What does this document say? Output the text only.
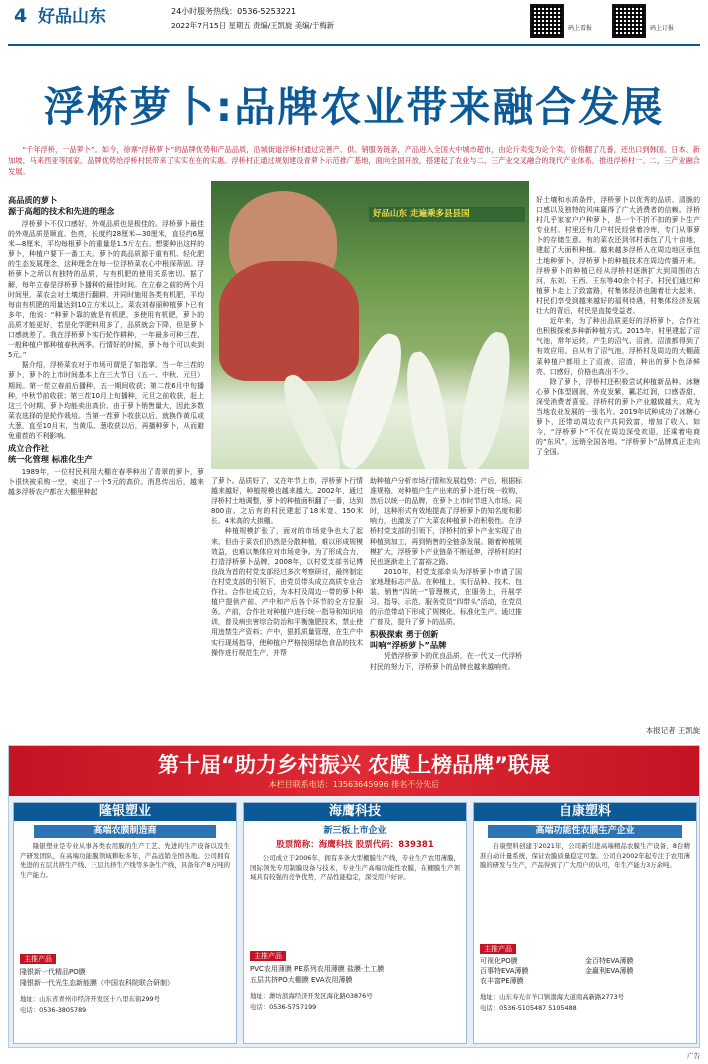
4 好品山东	24小时服务热线：0536-5253221
2022年7月15日 星期五 责编/王凯旋 美编/于梅新	码上看报	码上订报
浮桥萝卜:品牌农业带来融合发展
“千年浮桥，一品萝卜”。如今，徐寨“浮桥萝卜”的品牌优势和产品品质，沿城街道浮桥村通过完善产、供、销服务链条，产品进入全国大中城市超市，由论斤卖变为论个卖，价格翻了几番，还出口到韩国、日本、新加坡、马来西亚等国家。品牌优势给浮桥村民带来了实实在在的实惠。浮桥村正通过规划建设青萝卜示范推广基地，面向全国开放，搭建起了农业与二、三产业交叉融合的现代产业体系，推进浮桥村一、二、三产业融合发展。
好品山东 走遍乘多县县国
高品质的萝卜
源于高超的技术和先进的理念

浮桥萝卜不仅口感好，外观品质也是极佳的。浮桥萝卜最佳的外观品质是顺直、色亮，长度约28厘米—30厘米，直径约6厘米—8厘米，平均每根萝卜的重量是1.5斤左右。想要种出这样的萝卜，种植户要下一番工夫。萝卜的高品质源于重有机、轻化肥的生态发展理念，这种理念在每一位浮桥菜农心中根深蒂固。浮桥萝卜之所以有独特的品质，与有机肥的使用关系密切。据了解，每年立春是浮桥萝卜播种的最佳时间。在立春之前的两个月时间里，菜农会对土壤进行翻耕，并同时施用各类有机肥，平均每亩有机肥的用量达到10立方米以上。菜农刘春丽种植萝卜已有多年，他说：“种萝卜靠的就是有机肥，多使用有机肥，萝卜的品质才能更好，若是化学肥料用多了，品质就会下降，但是萝卜口感就差了。我在浮桥萝卜实行轮作耕种，一年最多可种三茬，一般种植户都种植春秋两季。行情好的时候，萝卜每个可以卖到5元。”

据介绍，浮桥菜农对于市场可谓是了如指掌。当一年三茬的萝卜，萝卜的上市时间基本上在三大节日（五一、中秋、元旦）期间。第一茬立春前后播种，五一期间收获；第二茬6月中旬播种，中秋节前收获；第三茬10月上旬播种，元旦之前收获，赶上这三个时期，萝卜均能卖出高价。由于萝卜销售量大，因此多数菜农选择的是轮作栽培。当第一茬萝卜收获以后，就换作黄瓜或大葱，直至10月末，当黄瓜、葱收获以后，再播种萝卜，从而避免重茬的不利影响。

成立合作社
统一化管理 标准化生产

1989年，一位村民利用大棚在春季种出了青翠的萝卜，萝卜很快被采购一空，卖出了一个5元的高价。消息传出后，越来越多浮桥农户都在大棚里种起

了萝卜。品质好了，又在年节上市，浮桥萝卜行情越来越好，种植规模也越来越大。2002年，通过浮桥村土地调整，萝卜的种植面积翻了一番，达到800亩。之后有的村民建起了18米宽、150米长、4米高的大拱棚。

种植规模扩张了，面对的市场竞争也大了起来。但由于菜农们仍然是分散种植，难以形成规模效益，也难以集体应对市场竞争。为了形成合力，打造浮桥萝卜品牌，2008年，以村党支部书记傅良战为首的村党支部经过多次考察研讨，最终制定在村党支部的引领下，由党员带头成立高质专业合作社。合作社成立后，为本村及周边一带的萝卜种植户提供产前、产中和产后各个环节的全方位服务。产前，合作社对种植户进行统一指导和知识培训，普及病虫害综合防治和平衡施肥技术，禁止使用违禁生产资料；产中，狠抓质量管理，在生产中实行现场指导，使种植户严格按照绿色食品的技术操作进行规范生产，并帮

助种植户分析市场行情和发展趋势；产后，根据标准规格，对种植户生产出来的萝卜进行统一收购，然后以统一的品牌，在萝卜上市时节进入市场。同时，这种形式有效地提高了浮桥萝卜的知名度和影响力，也激发了广大菜农种植萝卜的积极性。在浮桥村党支部的引领下，浮桥村的萝卜产业实现了由种植到加工，再到销售的全链条发展。随着种植规模扩大，浮桥萝卜产业链条不断延伸，浮桥村的村民也逐渐走上了富裕之路。

2010年，村党支部牵头为浮桥萝卜申请了国家地理标志产品。在种植上，实行品种、技术、包装、销售“四统一”管理模式，在服务上，开展学习、指导、示范、服务党员“四带头”活动，在党员的示范带动下形成了规模化、标准化生产。通过推广普及，提升了萝卜的品质。

积极探索 勇于创新
叫响“浮桥萝卜”品牌

凭借浮桥萝卜的优良品质，在一代又一代浮桥村民的努力下，浮桥萝卜的品牌也越来越响亮。

好土壤和水质条件，浮桥萝卜以优秀的品质、清脆的口感以及独特的风味赢得了广大消费者的信赖。浮桥村几乎家家户户种萝卜，是一个不折不扣的萝卜生产专业村。村里还有几户村民经营着冷库，专门从事萝卜的存储生意。有的菜农还到邻村承包了几十亩地，建起了大面积种植。越来越多浮桥人在周边地区承包土地种萝卜，浮桥萝卜的种植技术在周边传播开来。浮桥萝卜的种植已经从浮桥村逐渐扩大到周围的古河、东刘、王西、王东等40余个村子。村民们通过种植萝卜走上了致富路，村集体经济也随着壮大起来，村民们享受到越来越好的福利待遇，村集体经济发展壮大的背后，村民是直接受益者。

近年来，为了种出品质更好的浮桥萝卜，合作社也积极探索多种新种植方式。2015年，村里建起了沼气池，常年运转，产生的沼气、沼液、沼渣都得到了有效应用。自从有了沼气池，浮桥村及周边的大棚蔬菜种植户都用上了沼液、沼渣，种出的萝卜色泽鲜亮、口感好，价格也高出不少。

除了萝卜，浮桥村还积极尝试种植新品种。冰糖心萝卜体型圆润，外皮发紫，瓤芯红润，口感香甜，深受消费者喜爱。浮桥村的萝卜产业越做越大，成为当地农业发展的一张名片。2019年试种成功了冰糖心萝卜，还带动周边农户共同致富，增加了收入。如今，“浮桥萝卜”不仅在周边深受欢迎，还乘着电商的“东风”，远销全国各地。“浮桥萝卜”品牌真正走向了全国。

本报记者 王凯旋
第十届“助力乡村振兴 农膜上榜品牌”联展
本栏目联系电话：13563645996 排名不分先后
隆银塑业
高端农膜制造商
隆银塑业是专业从事各类农用膜的生产工艺、先进的生产设备以及生产研发团队，在高端功能膜领域耕耘多年，产品远销全国各地。公司拥有先进的五层共挤生产线、三层共挤生产线等多条生产线，具备年产8万吨的生产能力。
主推产品
隆银新一代精品PO膜
隆银新一代光生态新能膜（中国农科院联合研制）
地址：山东省青州市经济开发区十八里东街299号
电话：0536-3805789
海鹰科技
新三板上市企业
股票简称：海鹰科技 股票代码：839381
公司成立于2006年，拥有多条大型棚膜生产线，专业生产农用薄膜，国际领先专用制膜设备与技术，专业生产高端功能性农膜，在棚膜生产领域具有较强的竞争优势，产品性能稳定，深受用户好评。
主推产品
PVC农用薄膜 PE系列农用薄膜 盐膜·土工膜
五层共挤PO大棚膜 EVA农用薄膜
地址：潍坊滨海经济开发区海化路03876号
电话：0536-5757199
自康塑料
高端功能性农膜生产企业
自康塑料创建于2021年，公司新引进高端精品农膜生产设备，8台精准自动计量系统，保证农膜质量稳定可靠。公司自2002年起专注于农用薄膜的研发与生产，产品得到了广大用户的认可，年生产能力3万余吨。
主推产品
可视化PO膜	金百特EVA薄膜
百事特EVA薄膜	金赢利EVA薄膜
农丰富PE薄膜
地址：山东寿光市羊口镇渤海大道南高新路2773号
电话：0536-5105487 5105488
广告
